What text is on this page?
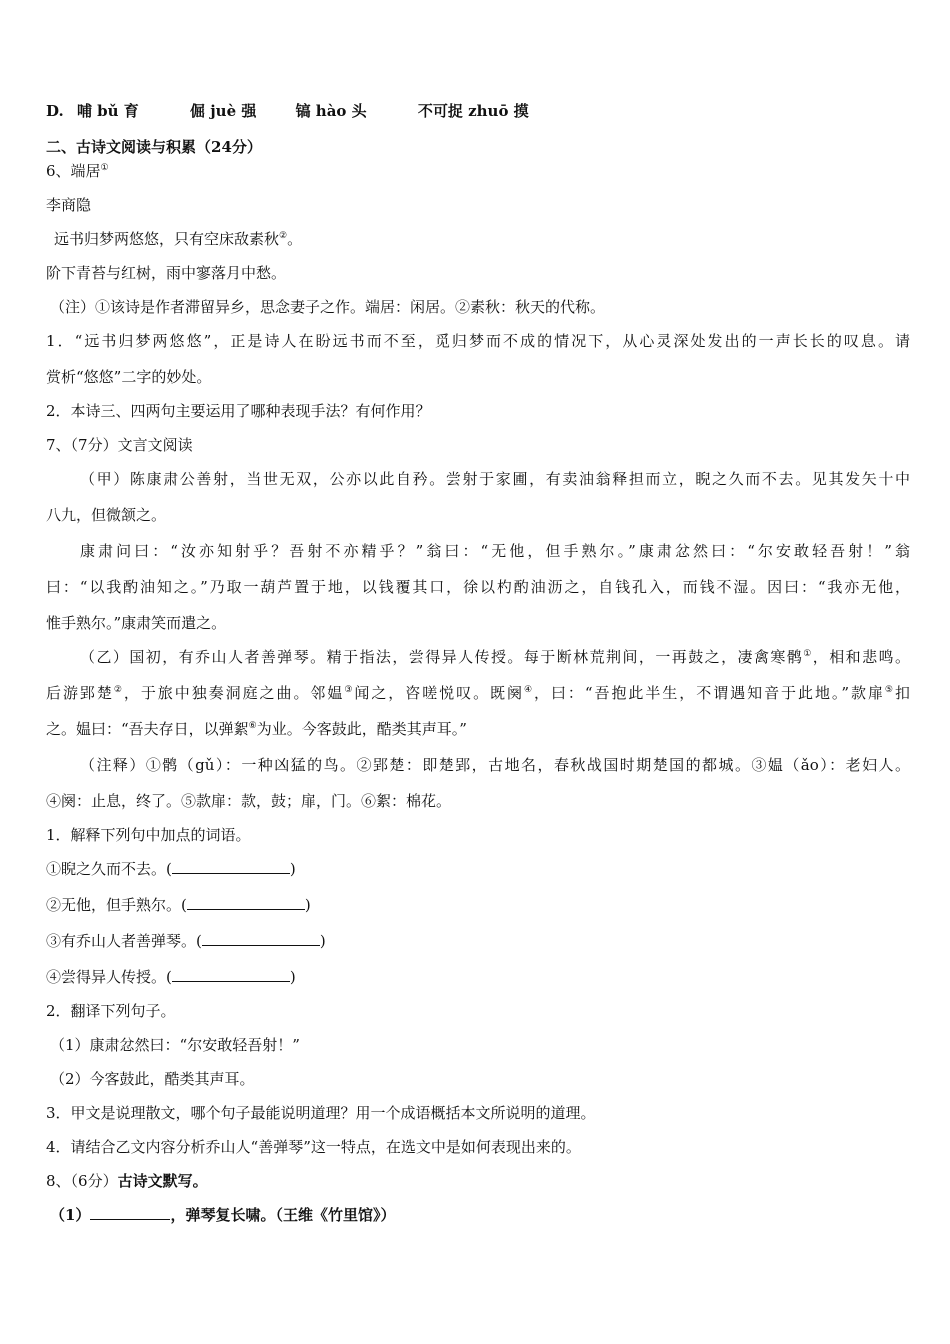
D. 哺 bǔ 育	倔 juè 强	镐 hào 头	不可捉 zhuō 摸
二、古诗文阅读与积累（24分）
6、端居①
李商隐
远书归梦两悠悠，只有空床敌素秋②。
阶下青苔与红树，雨中寥落月中愁。
（注）①该诗是作者滞留异乡，思念妻子之作。端居：闲居。②素秋：秋天的代称。
1．“远书归梦两悠悠”，正是诗人在盼远书而不至，觅归梦而不成的情况下，从心灵深处发出的一声长长的叹息。请
赏析“悠悠”二字的妙处。
2．本诗三、四两句主要运用了哪种表现手法？有何作用？
7、（7分）文言文阅读
（甲）陈康肃公善射，当世无双，公亦以此自矜。尝射于家圃，有卖油翁释担而立，睨之久而不去。见其发矢十中
八九，但微颔之。
康肃问曰：“汝亦知射乎？吾射不亦精乎？”翁曰：“无他，但手熟尔。”康肃忿然曰：“尔安敢轻吾射！”翁
曰：“以我酌油知之。”乃取一葫芦置于地，以钱覆其口，徐以杓酌油沥之，自钱孔入，而钱不湿。因曰：“我亦无他，
惟手熟尔。”康肃笑而遣之。
（乙）国初，有乔山人者善弹琴。精于指法，尝得异人传授。每于断林荒荆间，一再鼓之，凄禽寒鹘①，相和悲鸣。
后游郢楚②，于旅中独奏洞庭之曲。邻媪③闻之，咨嗟悦叹。既阕④，曰：“吾抱此半生，不谓遇知音于此地。”款扉⑤扣
之。媪曰：“吾夫存日，以弹絮⑥为业。今客鼓此，酷类其声耳。”
（注释）①鹘（gǔ）：一种凶猛的鸟。②郢楚：即楚郢，古地名，春秋战国时期楚国的都城。③媪（ǎo）：老妇人。
④阕：止息，终了。⑤款扉：款，鼓；扉，门。⑥絮：棉花。
1．解释下列句中加点的词语。
①睨之久而不去。(	)
②无他，但手熟尔。(	)
③有乔山人者善弹琴。(	)
④尝得异人传授。(	)
2．翻译下列句子。
（1）康肃忿然曰：“尔安敢轻吾射！”
（2）今客鼓此，酷类其声耳。
3．甲文是说理散文，哪个句子最能说明道理？用一个成语概括本文所说明的道理。
4．请结合乙文内容分析乔山人“善弹琴”这一特点，在选文中是如何表现出来的。
8、（6分）古诗文默写。
（1）	，弹琴复长啸。（王维《竹里馆》）
